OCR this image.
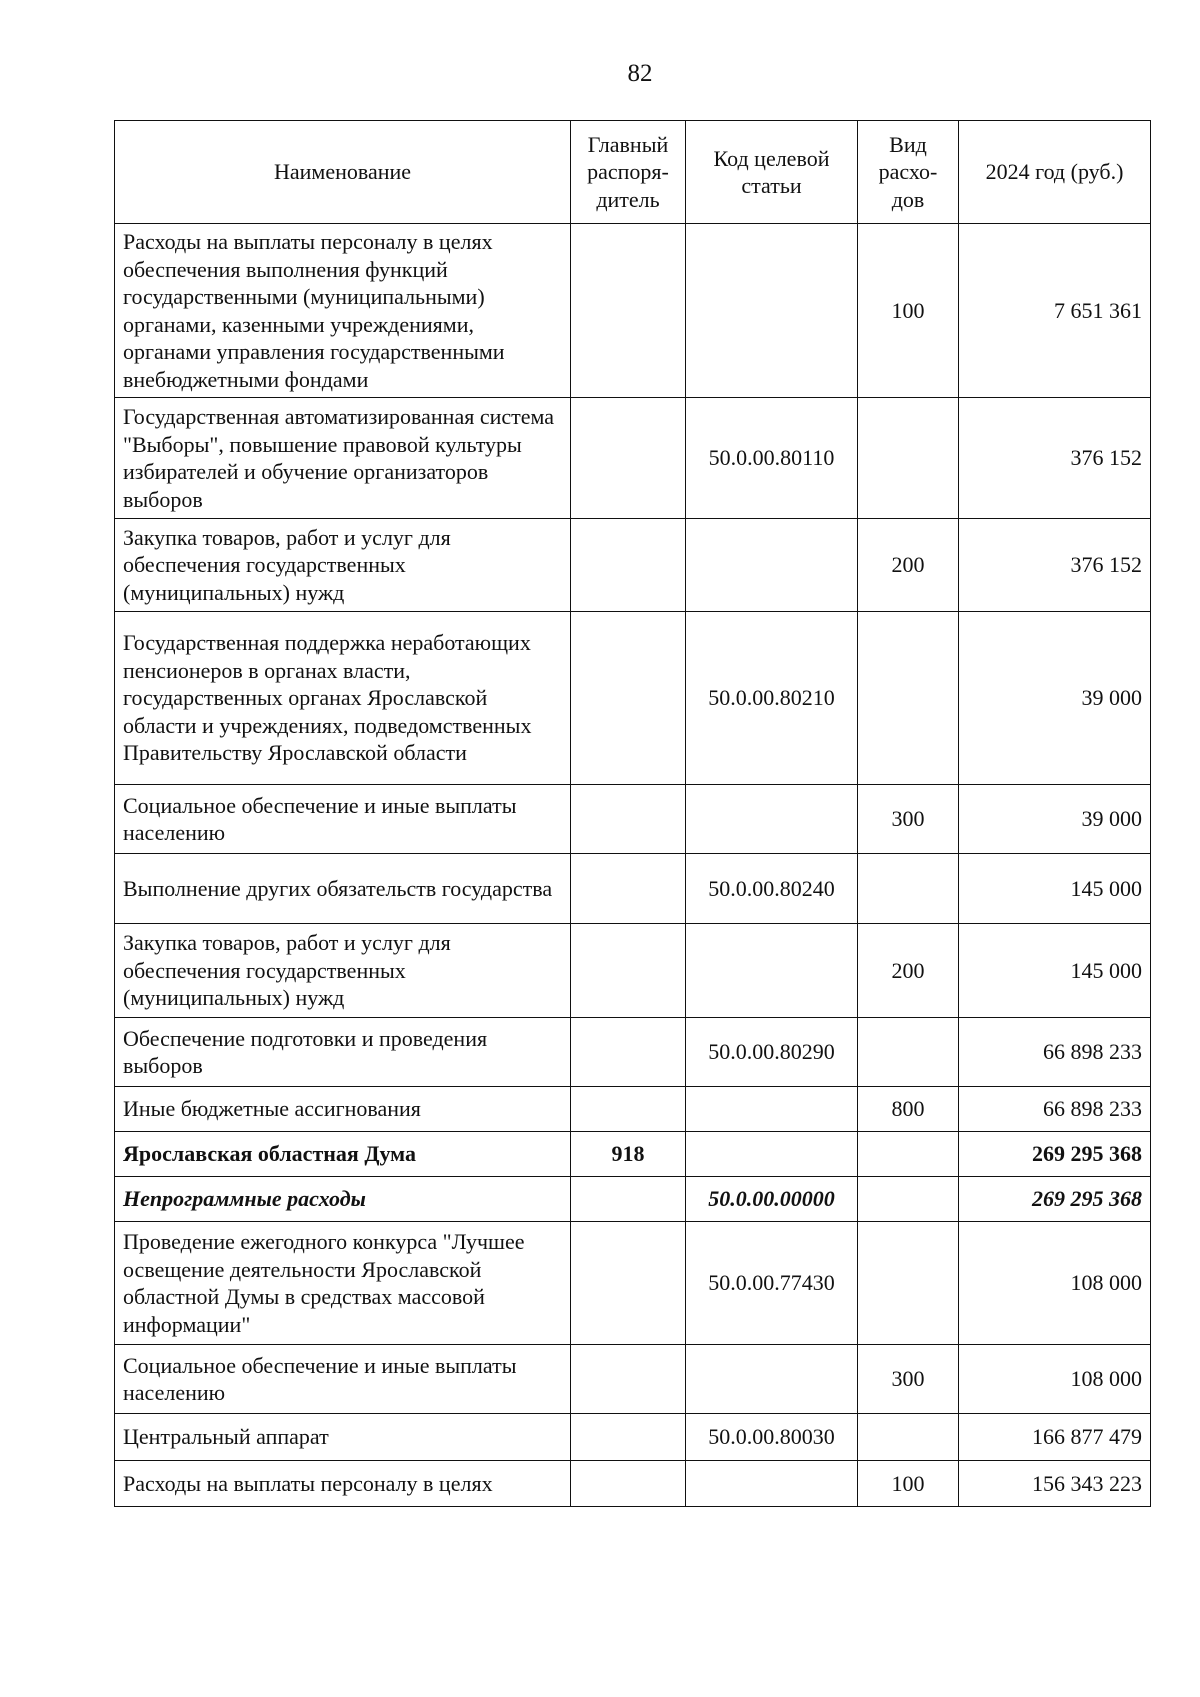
82
Наименование	Главный распоря-дитель	Код целевой статьи	Вид расхо-дов	2024 год (руб.)
Расходы на выплаты персоналу в целях обеспечения выполнения функций государственными (муниципальными) органами, казенными учреждениями, органами управления государственными внебюджетными фондами			100	7 651 361
Государственная автоматизированная система "Выборы", повышение правовой культуры избирателей и обучение организаторов выборов		50.0.00.80110		376 152
Закупка товаров, работ и услуг для обеспечения государственных (муниципальных) нужд			200	376 152
Государственная поддержка неработающих пенсионеров в органах власти, государственных органах Ярославской области и учреждениях, подведомственных Правительству Ярославской области		50.0.00.80210		39 000
Социальное обеспечение и иные выплаты населению			300	39 000
Выполнение других обязательств государства		50.0.00.80240		145 000
Закупка товаров, работ и услуг для обеспечения государственных (муниципальных) нужд			200	145 000
Обеспечение подготовки и проведения выборов		50.0.00.80290		66 898 233
Иные бюджетные ассигнования			800	66 898 233
Ярославская областная Дума	918			269 295 368
Непрограммные расходы		50.0.00.00000		269 295 368
Проведение ежегодного конкурса "Лучшее освещение деятельности Ярославской областной Думы в средствах массовой информации"		50.0.00.77430		108 000
Социальное обеспечение и иные выплаты населению			300	108 000
Центральный аппарат		50.0.00.80030		166 877 479
Расходы на выплаты персоналу в целях			100	156 343 223
